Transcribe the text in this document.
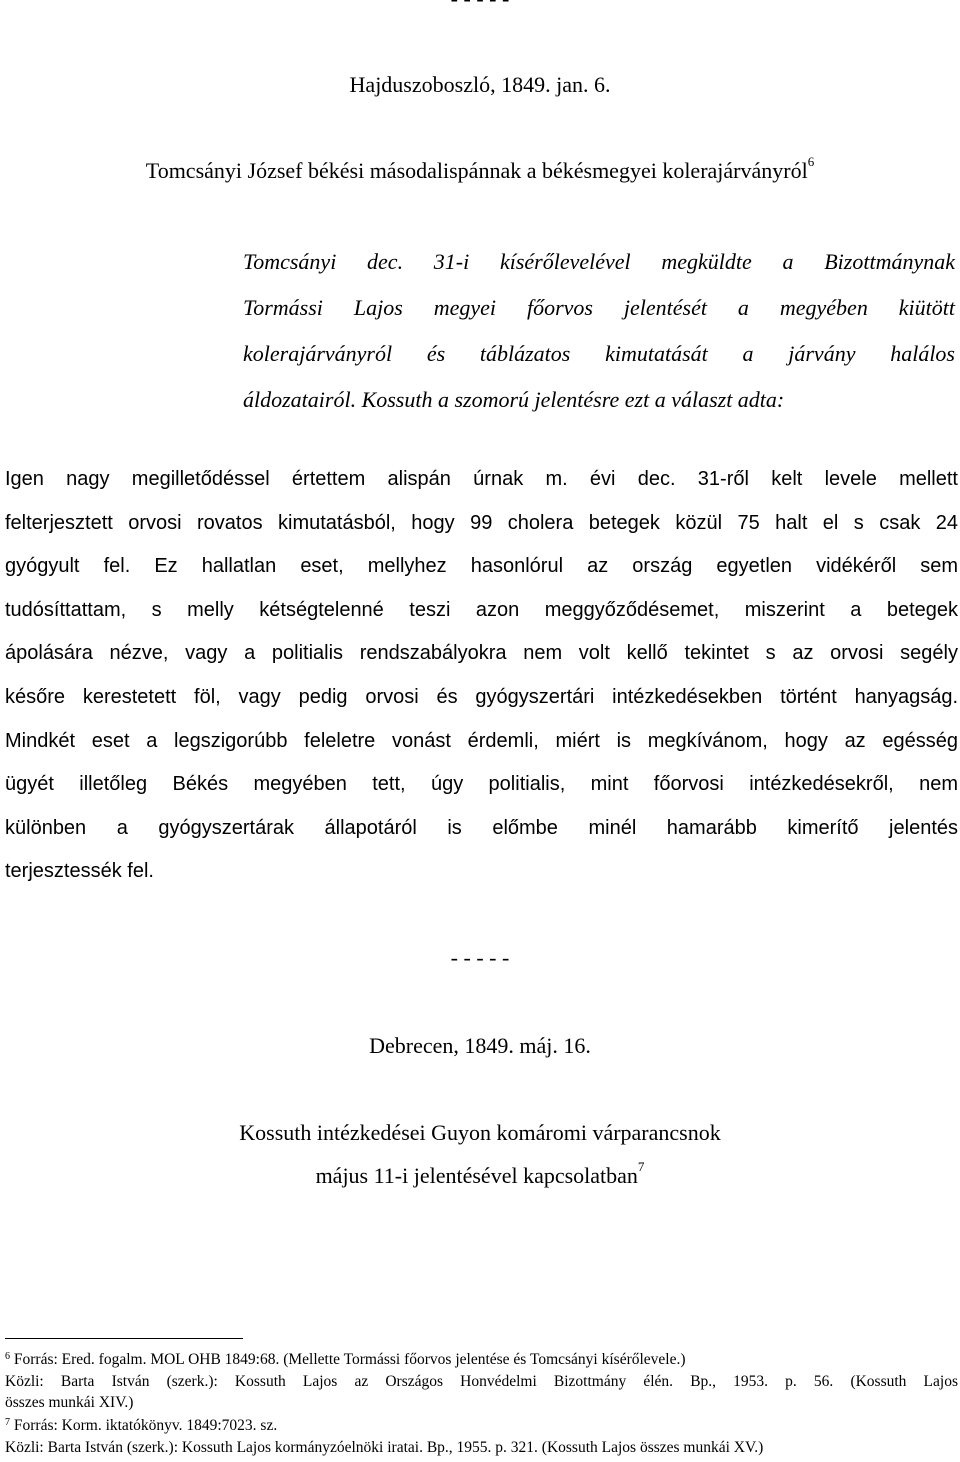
Hajduszoboszló, 1849. jan. 6.
Tomcsányi József békési másodalispánnak a békésmegyei kolerajárványról$^6$
Tomcsányi dec. 31-i kísérőlevelével megküldte a Bizottmánynak
Tormássi Lajos megyei főorvos jelentését a megyében kiütött
kolerajárványról és táblázatos kimutatását a járvány halálos
áldozatairól. Kossuth a szomorú jelentésre ezt a választ adta:
Igen nagy megilletődéssel értettem alispán úrnak m. évi dec. 31-ről kelt levele mellett
felterjesztett orvosi rovatos kimutatásból, hogy 99 cholera betegek közül 75 halt el s csak 24
gyógyult fel. Ez hallatlan eset, mellyhez hasonlórul az ország egyetlen vidékéről sem
tudósíttattam, s melly kétségtelenné teszi azon meggyőződésemet, miszerint a betegek
ápolására nézve, vagy a politialis rendszabályokra nem volt kellő tekintet s az orvosi segély
későre kerestetett föl, vagy pedig orvosi és gyógyszertári intézkedésekben történt hanyagság.
Mindkét eset a legszigorúbb feleletre vonást érdemli, miért is megkívánom, hogy az egésség
ügyét illetőleg Békés megyében tett, úgy politialis, mint főorvosi intézkedésekről, nem
különben a gyógyszertárak állapotáról is előmbe minél hamarább kimerítő jelentés
terjesztessék fel.
- - - - -
Debrecen, 1849. máj. 16.
Kossuth intézkedései Guyon komáromi várparancsnok
május 11-i jelentésével kapcsolatban$^7$
$^6$ Forrás: Ered. fogalm. MOL OHB 1849:68. (Mellette Tormássi főorvos jelentése és Tomcsányi kísérőlevele.)
Közli: Barta István (szerk.): Kossuth Lajos az Országos Honvédelmi Bizottmány élén. Bp., 1953. p. 56. (Kossuth Lajos
összes munkái XIV.)
$^7$ Forrás: Korm. iktatókönyv. 1849:7023. sz.
Közli: Barta István (szerk.): Kossuth Lajos kormányzóelnöki iratai. Bp., 1955. p. 321. (Kossuth Lajos összes munkái XV.)
